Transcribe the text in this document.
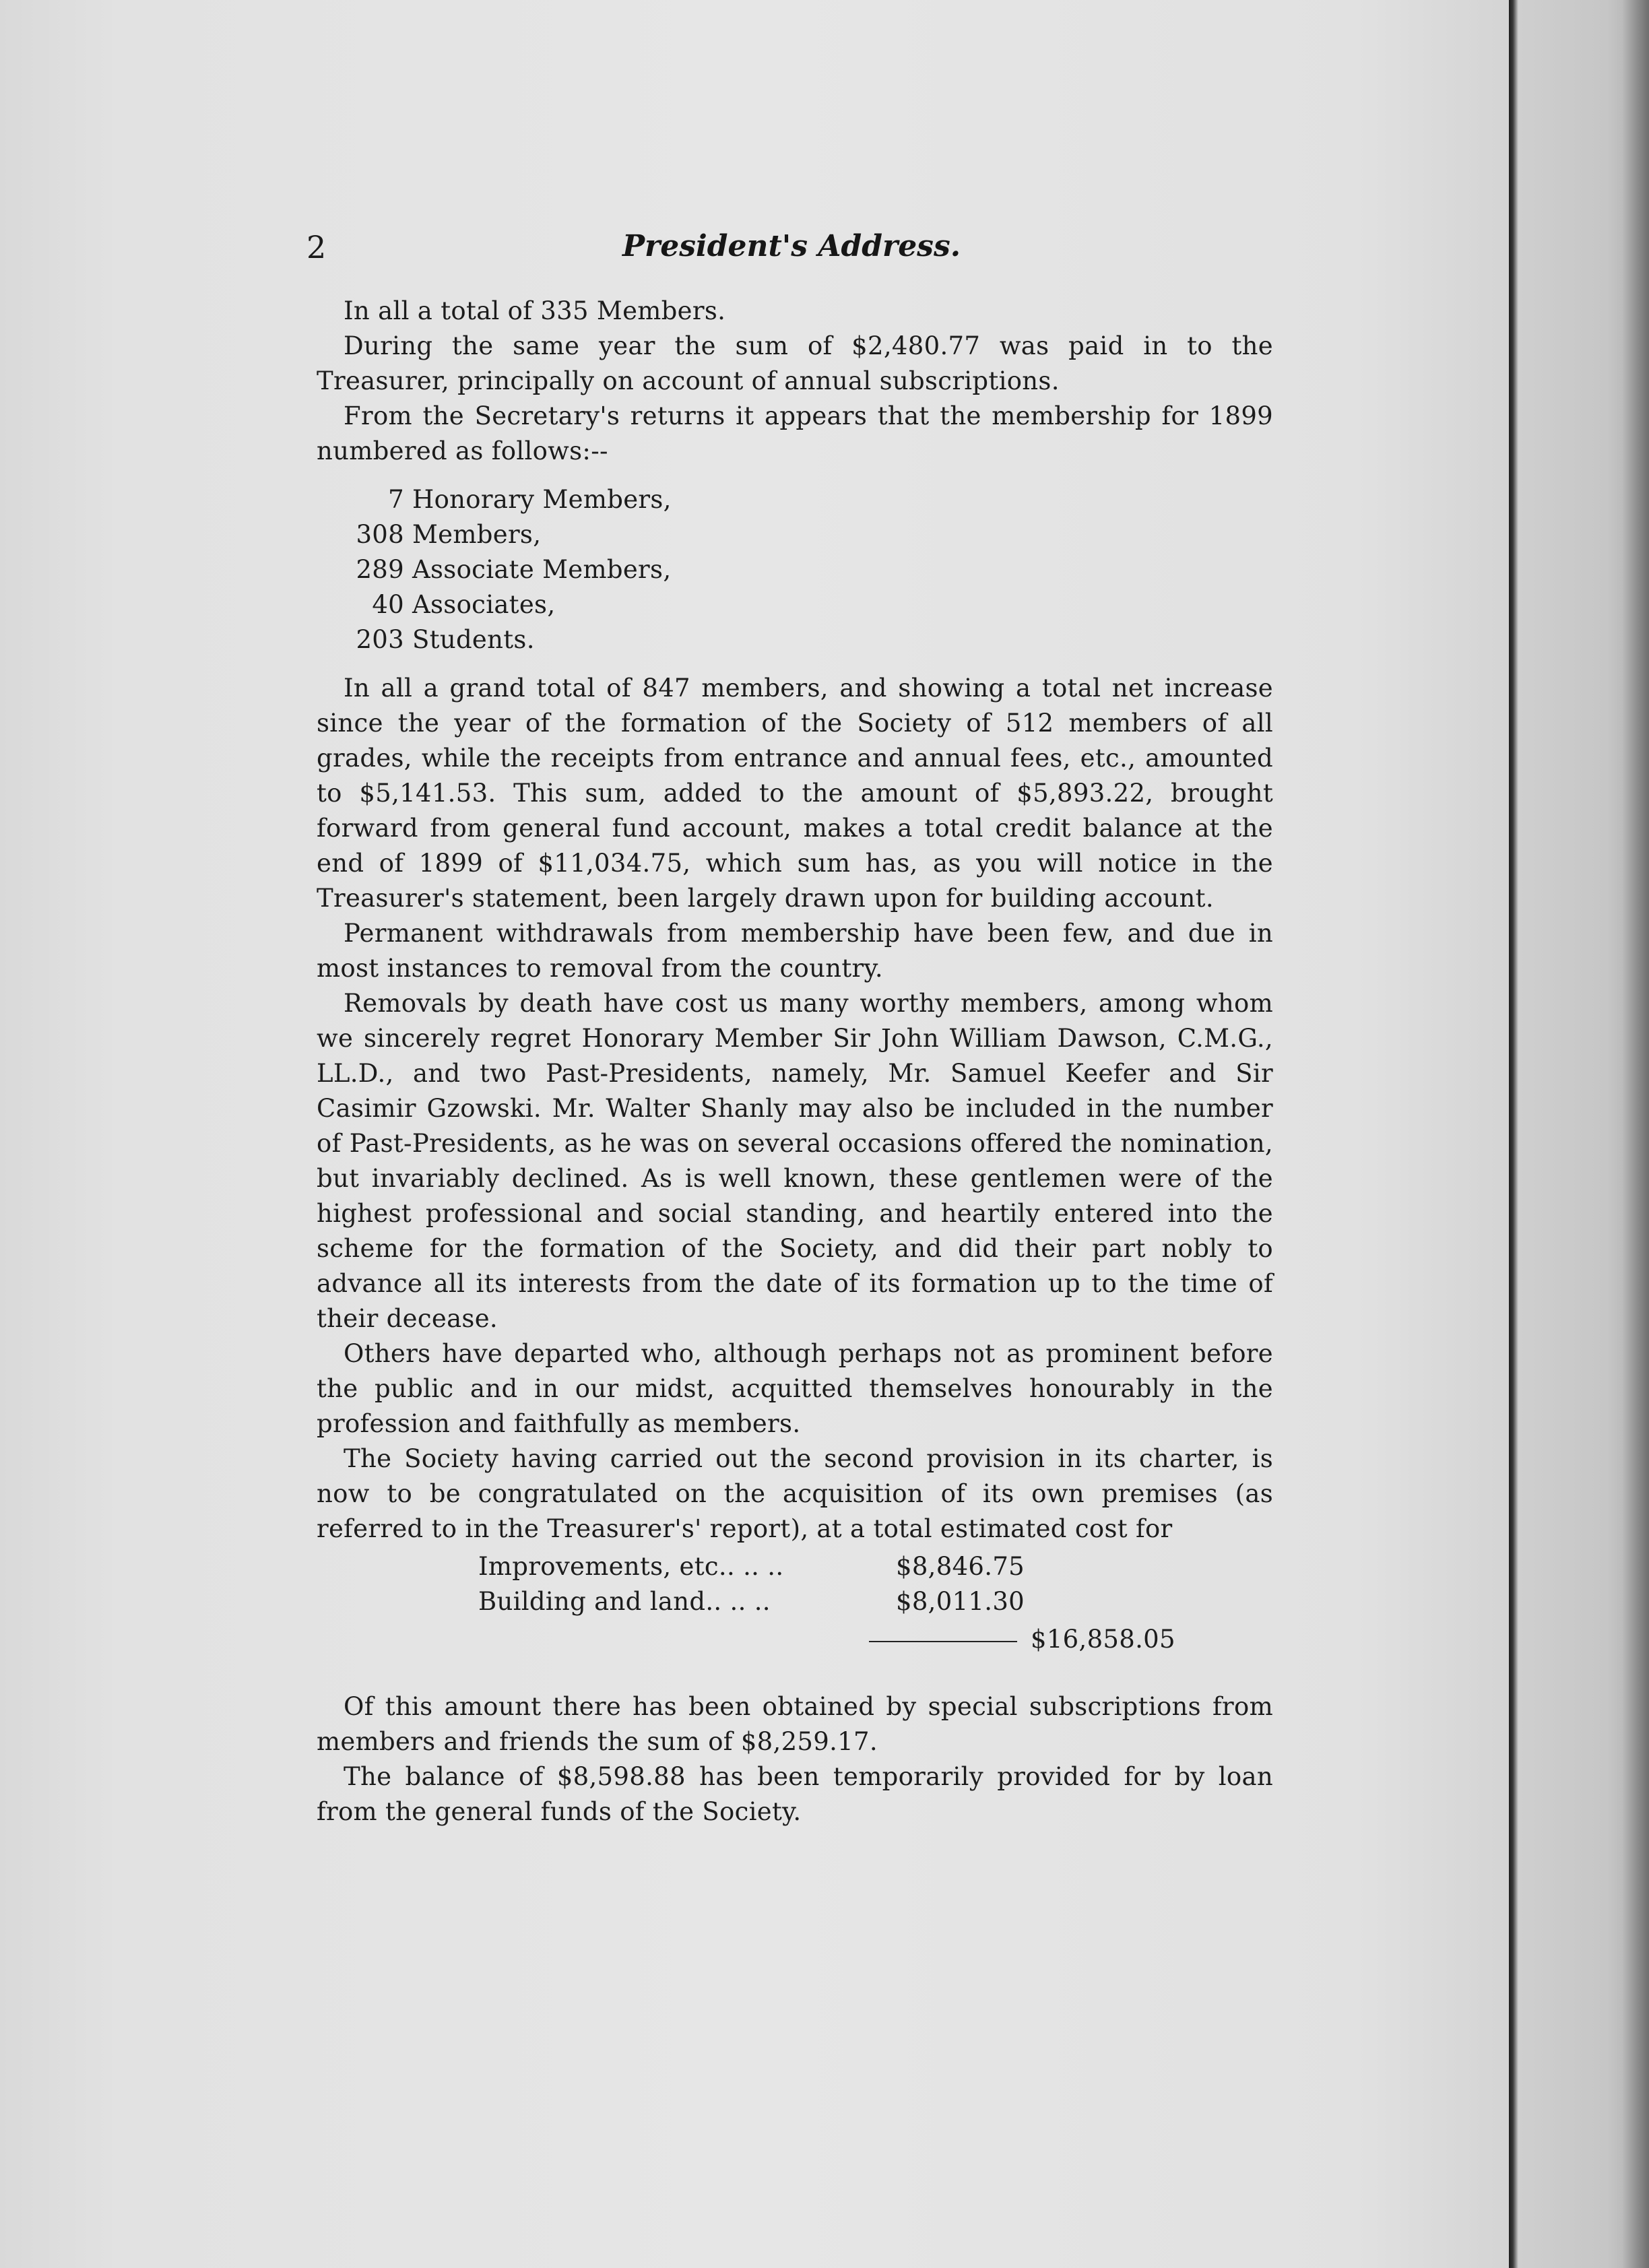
2	President's Address.

In all a total of 335 Members.

During the same year the sum of $2,480.77 was paid in to the Treasurer, principally on account of annual subscriptions.

From the Secretary's returns it appears that the membership for 1899 numbered as follows:--

7 Honorary Members,
308 Members,
289 Associate Members,
40 Associates,
203 Students.

In all a grand total of 847 members, and showing a total net increase since the year of the formation of the Society of 512 members of all grades, while the receipts from entrance and annual fees, etc., amounted to $5,141.53. This sum, added to the amount of $5,893.22, brought forward from general fund account, makes a total credit balance at the end of 1899 of $11,034.75, which sum has, as you will notice in the Treasurer's statement, been largely drawn upon for building account.

Permanent withdrawals from membership have been few, and due in most instances to removal from the country.

Removals by death have cost us many worthy members, among whom we sincerely regret Honorary Member Sir John William Dawson, C.M.G., LL.D., and two Past-Presidents, namely, Mr. Samuel Keefer and Sir Casimir Gzowski. Mr. Walter Shanly may also be included in the number of Past-Presidents, as he was on several occasions offered the nomination, but invariably declined. As is well known, these gentlemen were of the highest professional and social standing, and heartily entered into the scheme for the formation of the Society, and did their part nobly to advance all its interests from the date of its formation up to the time of their decease.

Others have departed who, although perhaps not as prominent before the public and in our midst, acquitted themselves honourably in the profession and faithfully as members.

The Society having carried out the second provision in its charter, is now to be congratulated on the acquisition of its own premises (as referred to in the Treasurer's' report), at a total estimated cost for

Improvements, etc.. .. ..	$8,846.75
Building and land.. .. ..	$8,011.30
$16,858.05

Of this amount there has been obtained by special subscriptions from members and friends the sum of $8,259.17.

The balance of $8,598.88 has been temporarily provided for by loan from the general funds of the Society.
